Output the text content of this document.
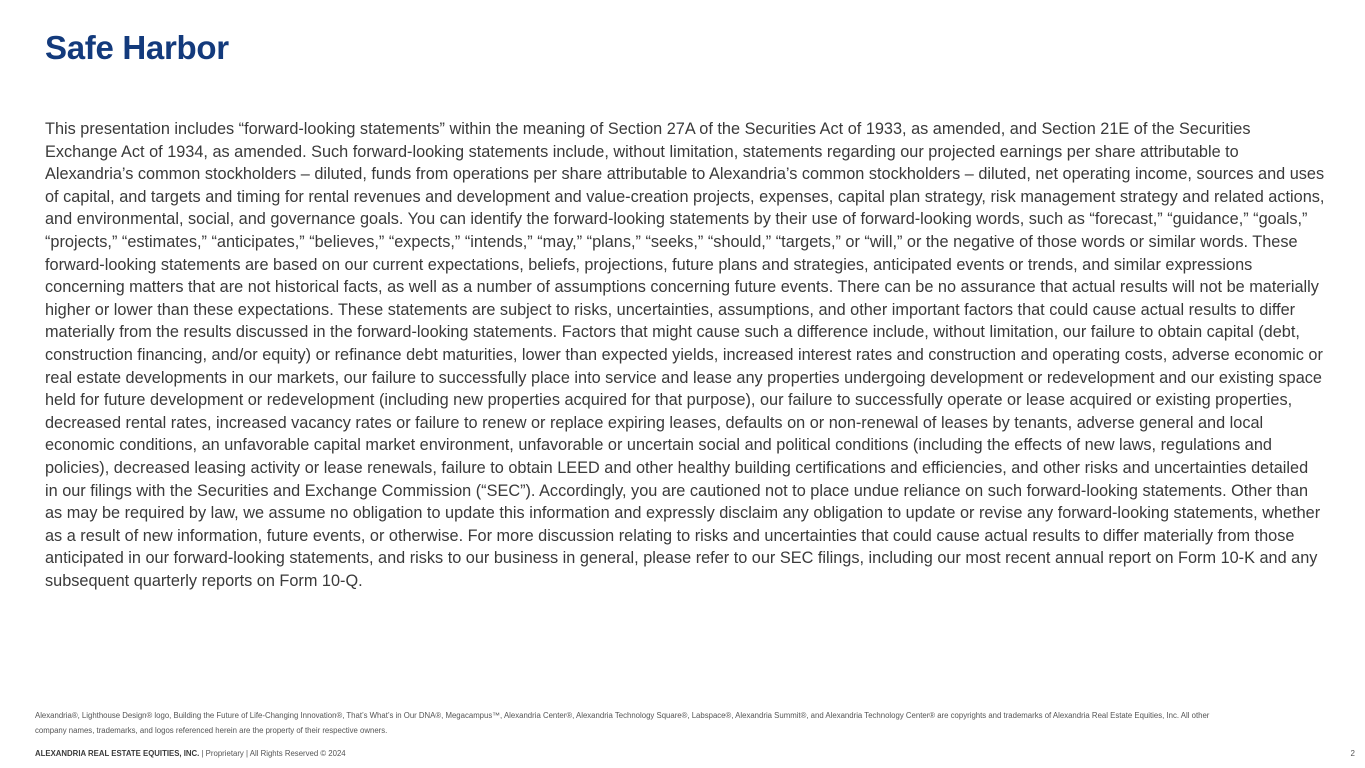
Safe Harbor

This presentation includes “forward-looking statements” within the meaning of Section 27A of the Securities Act of 1933, as amended, and Section 21E of the Securities Exchange Act of 1934, as amended. Such forward-looking statements include, without limitation, statements regarding our projected earnings per share attributable to Alexandria’s common stockholders – diluted, funds from operations per share attributable to Alexandria’s common stockholders – diluted, net operating income, sources and uses of capital, and targets and timing for rental revenues and development and value-creation projects, expenses, capital plan strategy, risk management strategy and related actions, and environmental, social, and governance goals. You can identify the forward-looking statements by their use of forward-looking words, such as “forecast,” “guidance,” “goals,” “projects,” “estimates,” “anticipates,” “believes,” “expects,” “intends,” “may,” “plans,” “seeks,” “should,” “targets,” or “will,” or the negative of those words or similar words. These forward-looking statements are based on our current expectations, beliefs, projections, future plans and strategies, anticipated events or trends, and similar expressions concerning matters that are not historical facts, as well as a number of assumptions concerning future events. There can be no assurance that actual results will not be materially higher or lower than these expectations. These statements are subject to risks, uncertainties, assumptions, and other important factors that could cause actual results to differ materially from the results discussed in the forward-looking statements. Factors that might cause such a difference include, without limitation, our failure to obtain capital (debt, construction financing, and/or equity) or refinance debt maturities, lower than expected yields, increased interest rates and construction and operating costs, adverse economic or real estate developments in our markets, our failure to successfully place into service and lease any properties undergoing development or redevelopment and our existing space held for future development or redevelopment (including new properties acquired for that purpose), our failure to successfully operate or lease acquired or existing properties, decreased rental rates, increased vacancy rates or failure to renew or replace expiring leases, defaults on or non-renewal of leases by tenants, adverse general and local economic conditions, an unfavorable capital market environment, unfavorable or uncertain social and political conditions (including the effects of new laws, regulations and policies), decreased leasing activity or lease renewals, failure to obtain LEED and other healthy building certifications and efficiencies, and other risks and uncertainties detailed in our filings with the Securities and Exchange Commission (“SEC”). Accordingly, you are cautioned not to place undue reliance on such forward-looking statements. Other than as may be required by law, we assume no obligation to update this information and expressly disclaim any obligation to update or revise any forward-looking statements, whether as a result of new information, future events, or otherwise. For more discussion relating to risks and uncertainties that could cause actual results to differ materially from those anticipated in our forward-looking statements, and risks to our business in general, please refer to our SEC filings, including our most recent annual report on Form 10-K and any subsequent quarterly reports on Form 10-Q.

Alexandria®, Lighthouse Design® logo, Building the Future of Life-Changing Innovation®, That’s What’s in Our DNA®, Megacampus™, Alexandria Center®, Alexandria Technology Square®, Labspace®, Alexandria Summit®, and Alexandria Technology Center® are copyrights and trademarks of Alexandria Real Estate Equities, Inc. All other company names, trademarks, and logos referenced herein are the property of their respective owners.

ALEXANDRIA REAL ESTATE EQUITIES, INC. | Proprietary | All Rights Reserved © 2024	2
